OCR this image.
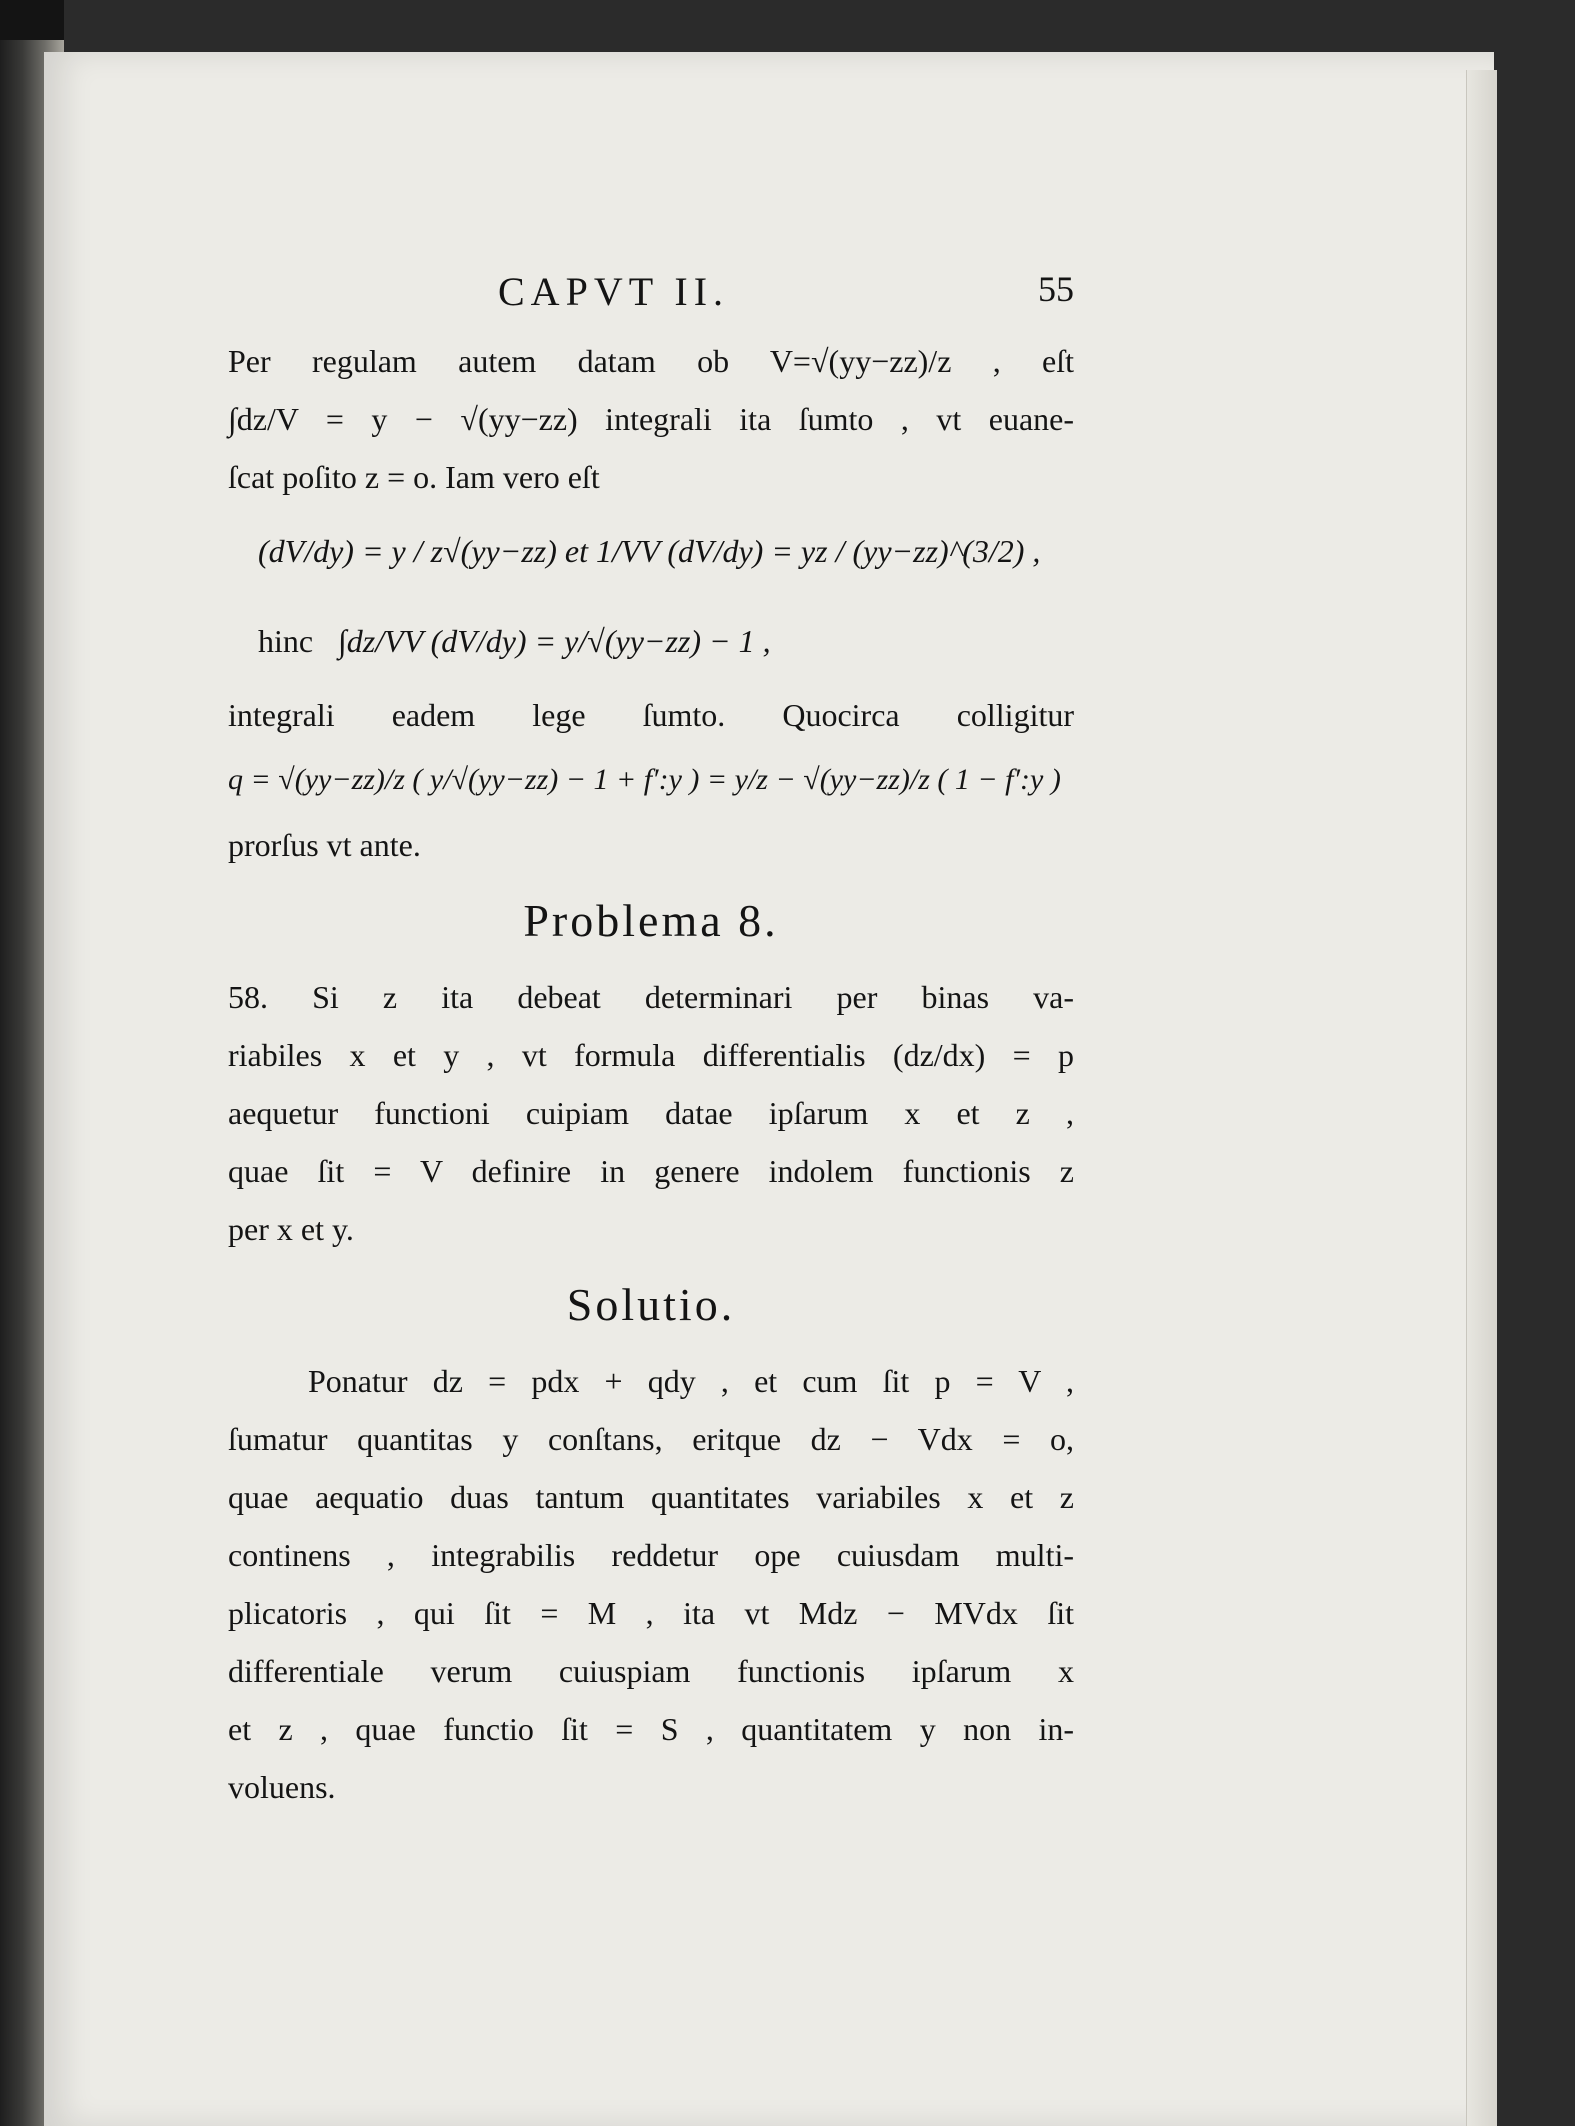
CAPVT II.	55
Per regulam autem datam ob V=√(yy−zz)/z , eſt
∫dz/V = y − √(yy−zz) integrali ita ſumto , vt euane-
ſcat poſito z = o. Iam vero eſt
(dV/dy) = y / z√(yy−zz) et 1/VV (dV/dy) = yz / (yy−zz)^(3/2) ,
hinc ∫dz/VV (dV/dy) = y/√(yy−zz) − 1 ,
integrali eadem lege ſumto. Quocirca colligitur
q = √(yy−zz)/z ( y/√(yy−zz) − 1 + f′:y ) = y/z − √(yy−zz)/z ( 1 − f′:y )
prorſus vt ante.
Problema 8.
58. Si z ita debeat determinari per binas va-
riabiles x et y , vt formula differentialis (dz/dx) = p
aequetur functioni cuipiam datae ipſarum x et z ,
quae ſit = V definire in genere indolem functionis z
per x et y.
Solutio.
Ponatur dz = pdx + qdy , et cum ſit p = V ,
ſumatur quantitas y conſtans, eritque dz − Vdx = o,
quae aequatio duas tantum quantitates variabiles x et z
continens , integrabilis reddetur ope cuiusdam multi-
plicatoris , qui ſit = M , ita vt Mdz − MVdx ſit
differentiale verum cuiuspiam functionis ipſarum x
et z , quae functio ſit = S , quantitatem y non in-
voluens.
